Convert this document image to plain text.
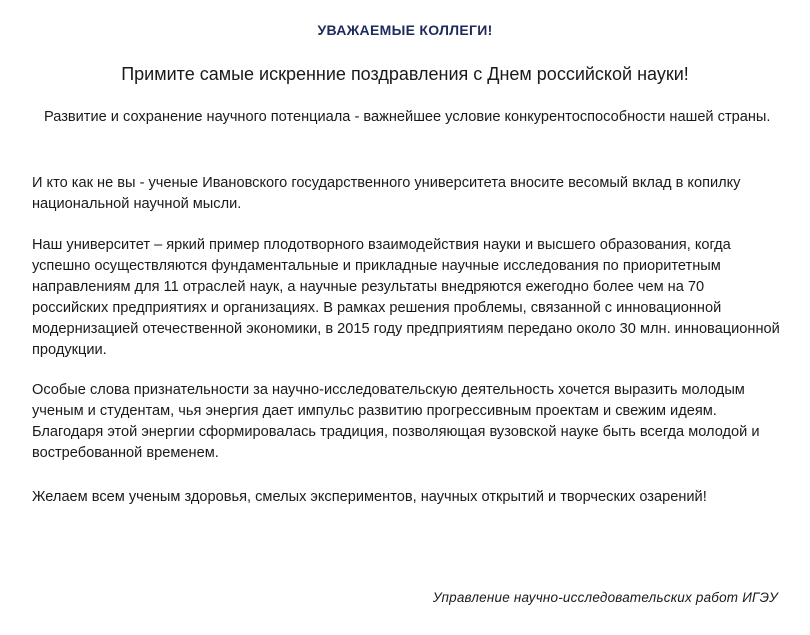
УВАЖАЕМЫЕ КОЛЛЕГИ!
Примите самые искренние поздравления с Днем российской науки!

Развитие и сохранение научного потенциала - важнейшее условие конкурентоспособности нашей страны.

И кто как не вы - ученые Ивановского государственного университета вносите весомый вклад в копилку национальной научной мысли.

Наш университет – яркий пример плодотворного взаимодействия науки и высшего образования, когда успешно осуществляются фундаментальные и прикладные научные исследования по приоритетным направлениям для 11 отраслей наук, а научные результаты внедряются ежегодно более чем на 70 российских предприятиях и организациях. В рамках решения проблемы, связанной с инновационной модернизацией отечественной экономики, в 2015 году предприятиям передано около 30 млн. инновационной продукции.

Особые слова признательности за научно-исследовательскую деятельность хочется выразить молодым ученым и студентам, чья энергия дает импульс развитию прогрессивным проектам и свежим идеям. Благодаря этой энергии сформировалась традиция, позволяющая вузовской науке быть всегда молодой и востребованной временем.

Желаем всем ученым здоровья, смелых экспериментов, научных открытий и творческих озарений!

Управление научно-исследовательских работ ИГЭУ
